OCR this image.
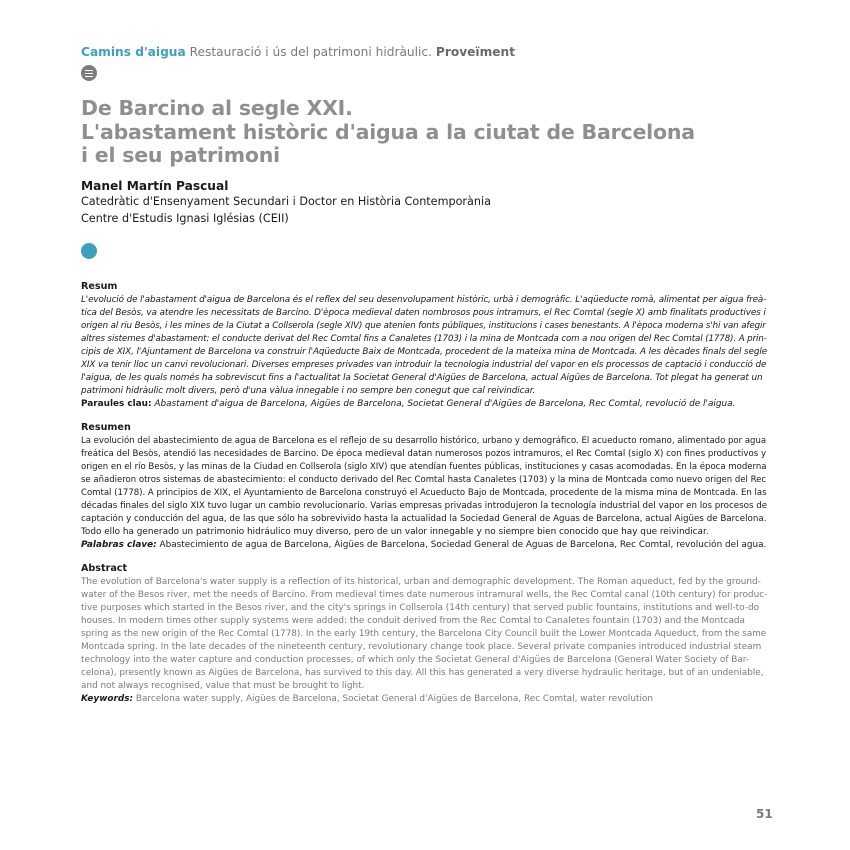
Camins d'aigua Restauració i ús del patrimoni hidràulic. Proveïment
De Barcino al segle XXI.
L'abastament històric d'aigua a la ciutat de Barcelona
i el seu patrimoni
Manel Martín Pascual
Catedràtic d'Ensenyament Secundari i Doctor en Història Contemporània
Centre d'Estudis Ignasi Iglésias (CEII)
Resum
L'evolució de l'abastament d'aigua de Barcelona és el reflex del seu desenvolupament històric, urbà i demogràfic. L'aqüeducte romà, alimentat per aigua freà-
tica del Besòs, va atendre les necessitats de Barcino. D'època medieval daten nombrosos pous intramurs, el Rec Comtal (segle X) amb finalitats productives i
origen al riu Besòs, i les mines de la Ciutat a Collserola (segle XIV) que atenien fonts públiques, institucions i cases benestants. A l'època moderna s'hi van afegir
altres sistemes d'abastament: el conducte derivat del Rec Comtal fins a Canaletes (1703) i la mina de Montcada com a nou origen del Rec Comtal (1778). A prin-
cipis de XIX, l'Ajuntament de Barcelona va construir l'Aqüeducte Baix de Montcada, procedent de la mateixa mina de Montcada. A les dècades finals del segle
XIX va tenir lloc un canvi revolucionari. Diverses empreses privades van introduir la tecnologia industrial del vapor en els processos de captació i conducció de
l'aigua, de les quals només ha sobreviscut fins a l'actualitat la Societat General d'Aigües de Barcelona, actual Aigües de Barcelona. Tot plegat ha generat un
patrimoni hidràulic molt divers, però d'una vàlua innegable i no sempre ben conegut que cal reivindicar.

Paraules clau: Abastament d'aigua de Barcelona, Aigües de Barcelona, Societat General d'Aigües de Barcelona, Rec Comtal, revolució de l'aigua.

Resumen
La evolución del abastecimiento de agua de Barcelona es el reflejo de su desarrollo histórico, urbano y demográfico. El acueducto romano, alimentado por agua
freática del Besòs, atendió las necesidades de Barcino. De época medieval datan numerosos pozos intramuros, el Rec Comtal (siglo X) con fines productivos y
origen en el río Besòs, y las minas de la Ciudad en Collserola (siglo XIV) que atendían fuentes públicas, instituciones y casas acomodadas. En la época moderna
se añadieron otros sistemas de abastecimiento: el conducto derivado del Rec Comtal hasta Canaletes (1703) y la mina de Montcada como nuevo origen del Rec
Comtal (1778). A principios de XIX, el Ayuntamiento de Barcelona construyó el Acueducto Bajo de Montcada, procedente de la misma mina de Montcada. En las
décadas finales del siglo XIX tuvo lugar un cambio revolucionario. Varias empresas privadas introdujeron la tecnología industrial del vapor en los procesos de
captación y conducción del agua, de las que sólo ha sobrevivido hasta la actualidad la Sociedad General de Aguas de Barcelona, actual Aigües de Barcelona.
Todo ello ha generado un patrimonio hidráulico muy diverso, pero de un valor innegable y no siempre bien conocido que hay que reivindicar.

Palabras clave: Abastecimiento de agua de Barcelona, Aigües de Barcelona, Sociedad General de Aguas de Barcelona, Rec Comtal, revolución del agua.

Abstract
The evolution of Barcelona's water supply is a reflection of its historical, urban and demographic development. The Roman aqueduct, fed by the ground-
water of the Besos river, met the needs of Barcino. From medieval times date numerous intramural wells, the Rec Comtal canal (10th century) for produc-
tive purposes which started in the Besos river, and the city's springs in Collserola (14th century) that served public fountains, institutions and well-to-do
houses. In modern times other supply systems were added: the conduit derived from the Rec Comtal to Canaletes fountain (1703) and the Montcada
spring as the new origin of the Rec Comtal (1778). In the early 19th century, the Barcelona City Council built the Lower Montcada Aqueduct, from the same
Montcada spring. In the late decades of the nineteenth century, revolutionary change took place. Several private companies introduced industrial steam
technology into the water capture and conduction processes, of which only the Societat General d'Aigües de Barcelona (General Water Society of Bar-
celona), presently known as Aigües de Barcelona, has survived to this day. All this has generated a very diverse hydraulic heritage, but of an undeniable,
and not always recognised, value that must be brought to light.

Keywords: Barcelona water supply, Aigües de Barcelona, Societat General d'Aigües de Barcelona, Rec Comtal, water revolution

51
